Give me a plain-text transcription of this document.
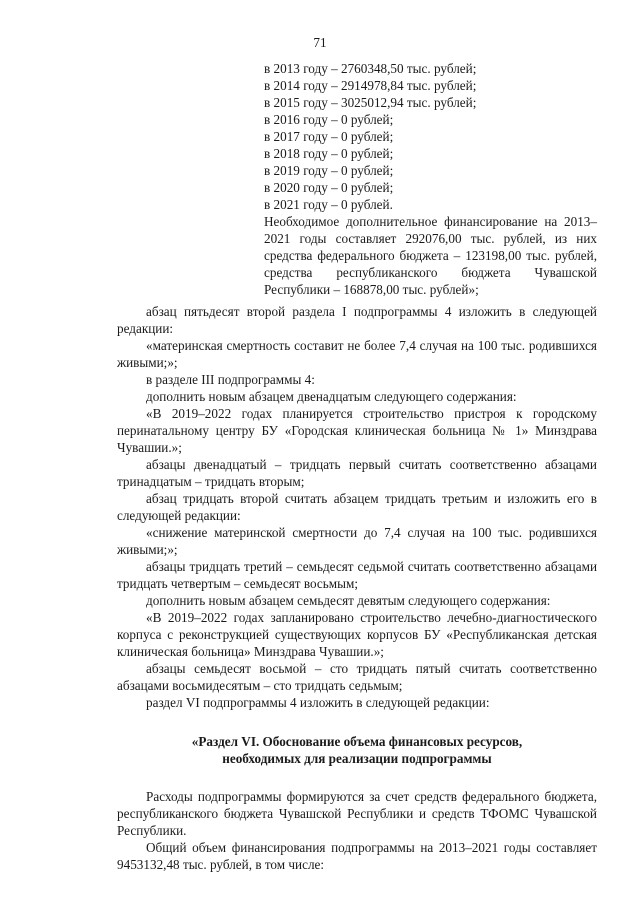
71
в 2013 году – 2760348,50 тыс. рублей;
в 2014 году – 2914978,84 тыс. рублей;
в 2015 году – 3025012,94 тыс. рублей;
в 2016 году – 0 рублей;
в 2017 году – 0 рублей;
в 2018 году – 0 рублей;
в 2019 году – 0 рублей;
в 2020 году – 0 рублей;
в 2021 году – 0 рублей.
Необходимое дополнительное финансирование на 2013–2021 годы составляет 292076,00 тыс. рублей, из них средства федерального бюджета – 123198,00 тыс. рублей, средства республиканского бюджета Чувашской Республики – 168878,00 тыс. рублей»;

абзац пятьдесят второй раздела I подпрограммы 4 изложить в следующей редакции:

«материнская смертность составит не более 7,4 случая на 100 тыс. родившихся живыми;»;

в разделе III подпрограммы 4:

дополнить новым абзацем двенадцатым следующего содержания:

«В 2019–2022 годах планируется строительство пристроя к городскому перинатальному центру БУ «Городская клиническая больница № 1» Минздрава Чувашии.»;

абзацы двенадцатый – тридцать первый считать соответственно абзацами тринадцатым – тридцать вторым;

абзац тридцать второй считать абзацем тридцать третьим и изложить его в следующей редакции:

«снижение материнской смертности до 7,4 случая на 100 тыс. родившихся живыми;»;

абзацы тридцать третий – семьдесят седьмой считать соответственно абзацами тридцать четвертым – семьдесят восьмым;

дополнить новым абзацем семьдесят девятым следующего содержания:

«В 2019–2022 годах запланировано строительство лечебно-диагностического корпуса с реконструкцией существующих корпусов БУ «Республиканская детская клиническая больница» Минздрава Чувашии.»;

абзацы семьдесят восьмой – сто тридцать пятый считать соответственно абзацами восьмидесятым – сто тридцать седьмым;

раздел VI подпрограммы 4 изложить в следующей редакции:

«Раздел VI. Обоснование объема финансовых ресурсов,
необходимых для реализации подпрограммы

Расходы подпрограммы формируются за счет средств федерального бюджета, республиканского бюджета Чувашской Республики и средств ТФОМС Чувашской Республики.

Общий объем финансирования подпрограммы на 2013–2021 годы составляет 9453132,48 тыс. рублей, в том числе:
